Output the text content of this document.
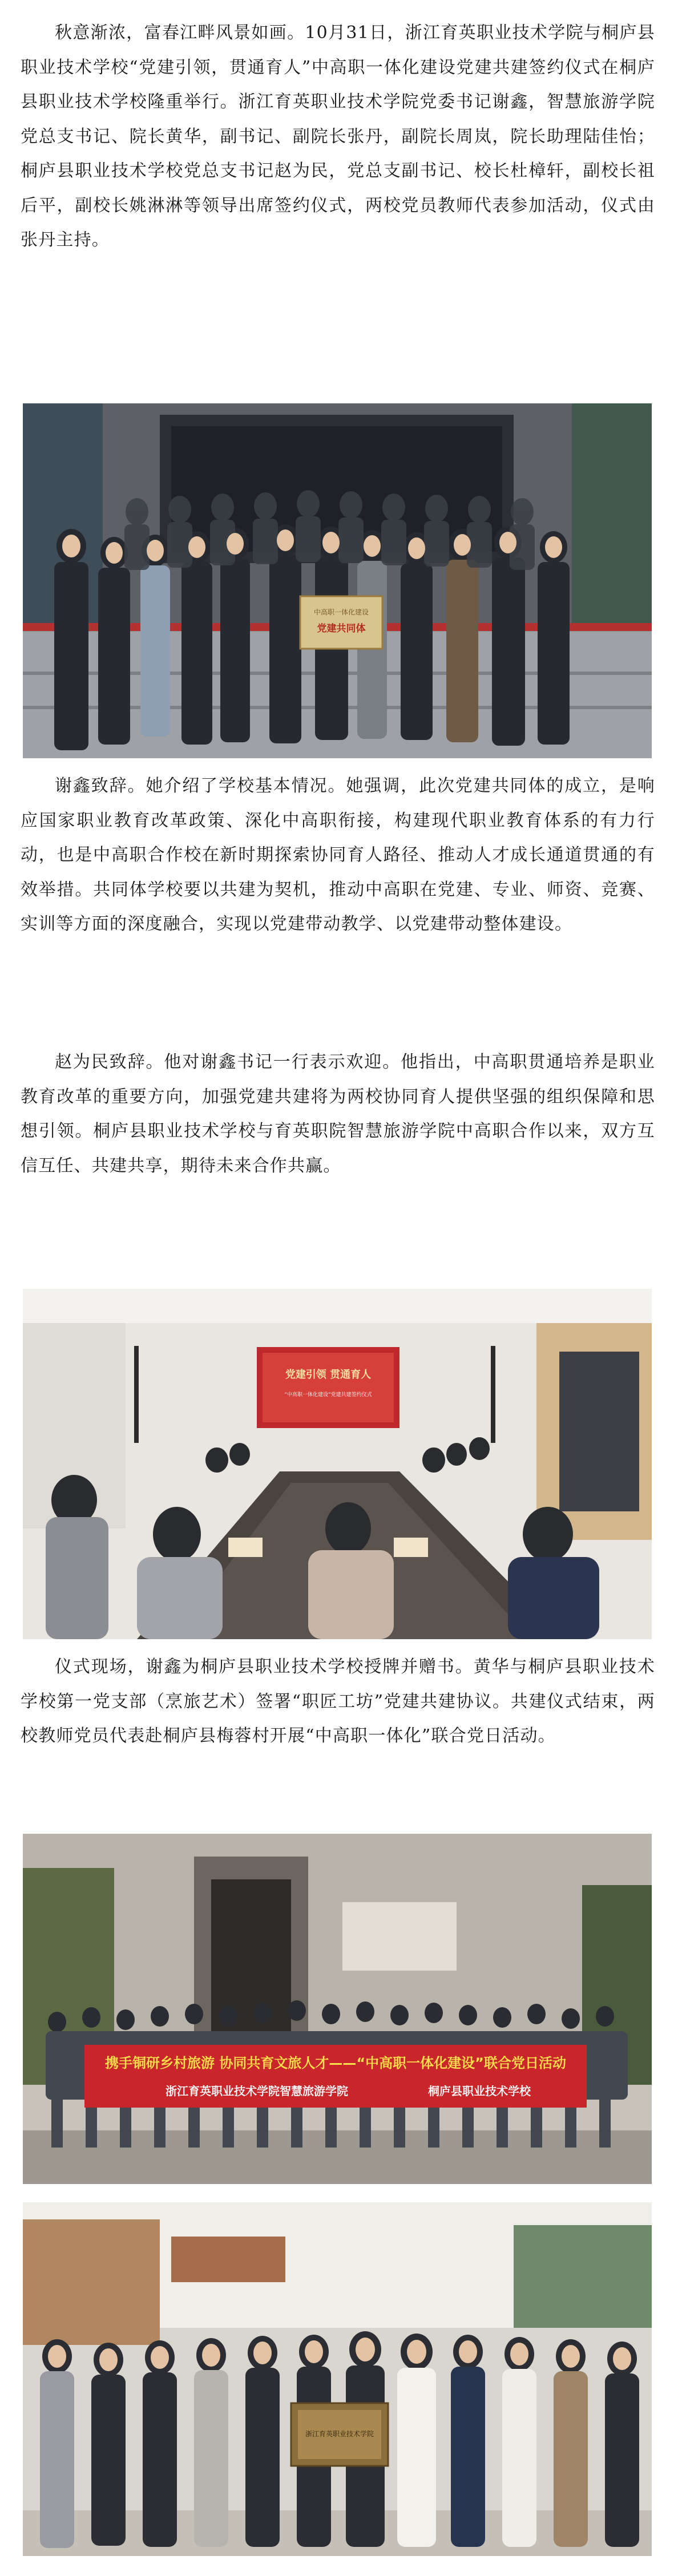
秋意渐浓，富春江畔风景如画。10月31日，浙江育英职业技术学院与桐庐县职业技术学校“党建引领，贯通育人”中高职一体化建设党建共建签约仪式在桐庐县职业技术学校隆重举行。浙江育英职业技术学院党委书记谢鑫，智慧旅游学院党总支书记、院长黄华，副书记、副院长张丹，副院长周岚，院长助理陆佳怡；桐庐县职业技术学校党总支书记赵为民，党总支副书记、校长杜樟轩，副校长祖后平，副校长姚淋淋等领导出席签约仪式，两校党员教师代表参加活动，仪式由张丹主持。

中高职一体化建设
党建共同体

谢鑫致辞。她介绍了学校基本情况。她强调，此次党建共同体的成立，是响应国家职业教育改革政策、深化中高职衔接，构建现代职业教育体系的有力行动，也是中高职合作校在新时期探索协同育人路径、推动人才成长通道贯通的有效举措。共同体学校要以共建为契机，推动中高职在党建、专业、师资、竞赛、实训等方面的深度融合，实现以党建带动教学、以党建带动整体建设。

赵为民致辞。他对谢鑫书记一行表示欢迎。他指出，中高职贯通培养是职业教育改革的重要方向，加强党建共建将为两校协同育人提供坚强的组织保障和思想引领。桐庐县职业技术学校与育英职院智慧旅游学院中高职合作以来，双方互信互任、共建共享，期待未来合作共赢。

党建引领 贯通育人
“中高职一体化建设”党建共建签约仪式

仪式现场，谢鑫为桐庐县职业技术学校授牌并赠书。黄华与桐庐县职业技术学校第一党支部（烹旅艺术）签署“职匠工坊”党建共建协议。共建仪式结束，两校教师党员代表赴桐庐县梅蓉村开展“中高职一体化”联合党日活动。

携手铜研乡村旅游 协同共育文旅人才——“中高职一体化建设”联合党日活动
浙江育英职业技术学院智慧旅游学院	桐庐县职业技术学校
浙江育英职业技术学院
